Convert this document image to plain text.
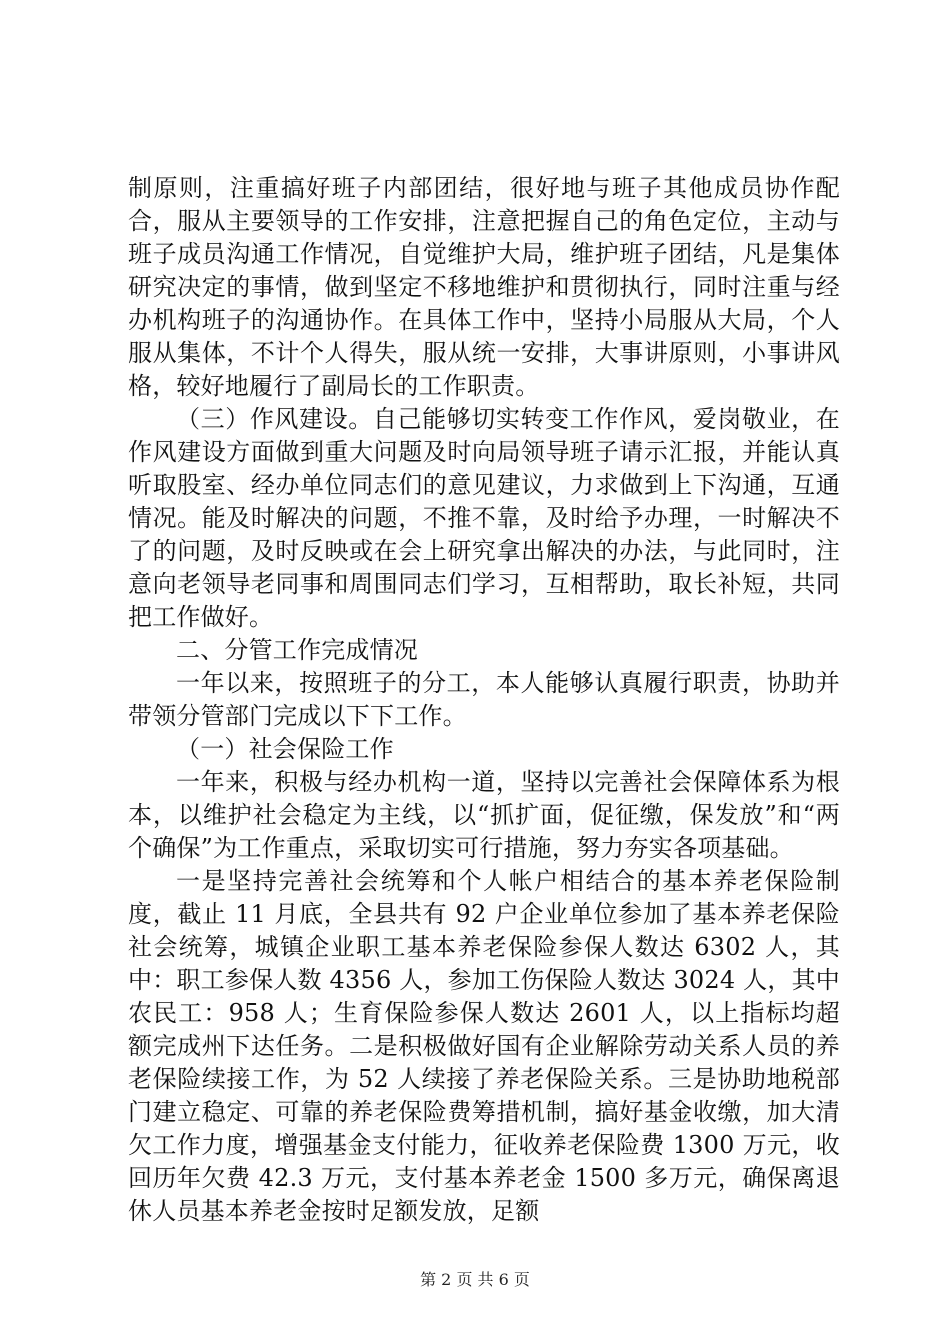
制原则，注重搞好班子内部团结，很好地与班子其他成员协作配合，服从主要领导的工作安排，注意把握自己的角色定位，主动与班子成员沟通工作情况，自觉维护大局，维护班子团结，凡是集体研究决定的事情，做到坚定不移地维护和贯彻执行，同时注重与经办机构班子的沟通协作。在具体工作中，坚持小局服从大局，个人服从集体，不计个人得失，服从统一安排，大事讲原则，小事讲风格，较好地履行了副局长的工作职责。

（三）作风建设。自己能够切实转变工作作风，爱岗敬业，在作风建设方面做到重大问题及时向局领导班子请示汇报，并能认真听取股室、经办单位同志们的意见建议，力求做到上下沟通，互通情况。能及时解决的问题，不推不靠，及时给予办理，一时解决不了的问题，及时反映或在会上研究拿出解决的办法，与此同时，注意向老领导老同事和周围同志们学习，互相帮助，取长补短，共同把工作做好。

二、分管工作完成情况

一年以来，按照班子的分工，本人能够认真履行职责，协助并带领分管部门完成以下下工作。

（一）社会保险工作

一年来，积极与经办机构一道，坚持以完善社会保障体系为根本，以维护社会稳定为主线，以“抓扩面，促征缴，保发放”和“两个确保”为工作重点，采取切实可行措施，努力夯实各项基础。

一是坚持完善社会统筹和个人帐户相结合的基本养老保险制度，截止 11 月底，全县共有 92 户企业单位参加了基本养老保险社会统筹，城镇企业职工基本养老保险参保人数达 6302 人，其中：职工参保人数 4356 人，参加工伤保险人数达 3024 人，其中农民工：958 人；生育保险参保人数达 2601 人，以上指标均超额完成州下达任务。二是积极做好国有企业解除劳动关系人员的养老保险续接工作，为 52 人续接了养老保险关系。三是协助地税部门建立稳定、可靠的养老保险费筹措机制，搞好基金收缴，加大清欠工作力度，增强基金支付能力，征收养老保险费 1300 万元，收回历年欠费 42.3 万元，支付基本养老金 1500 多万元，确保离退休人员基本养老金按时足额发放，足额

第 2 页 共 6 页
